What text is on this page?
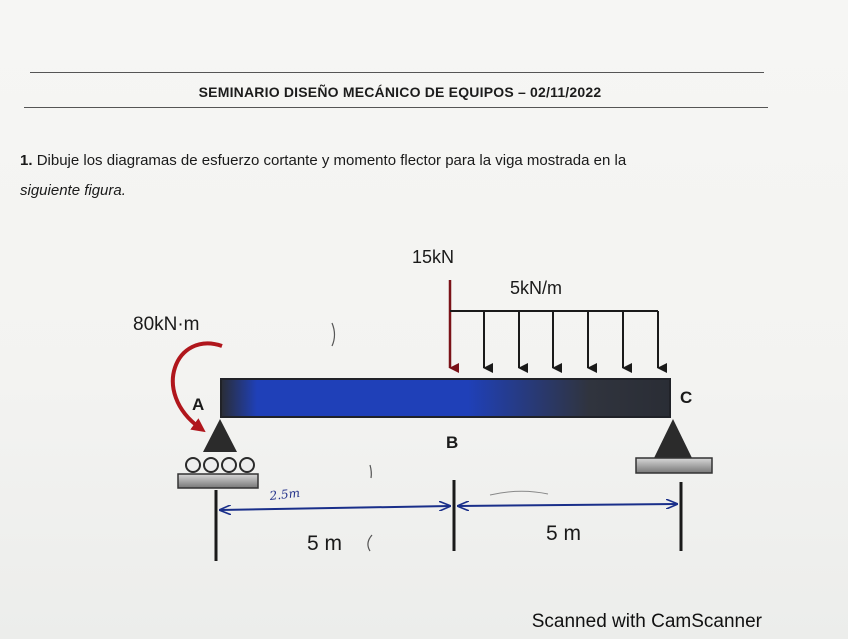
SEMINARIO DISEÑO MECÁNICO DE EQUIPOS – 02/11/2022
1. Dibuje los diagramas de esfuerzo cortante y momento flector para la viga mostrada en la
siguiente figura.
15kN
5kN/m
80kN·m
A
B
C
5 m	5 m
2.5m
Scanned with CamScanner
